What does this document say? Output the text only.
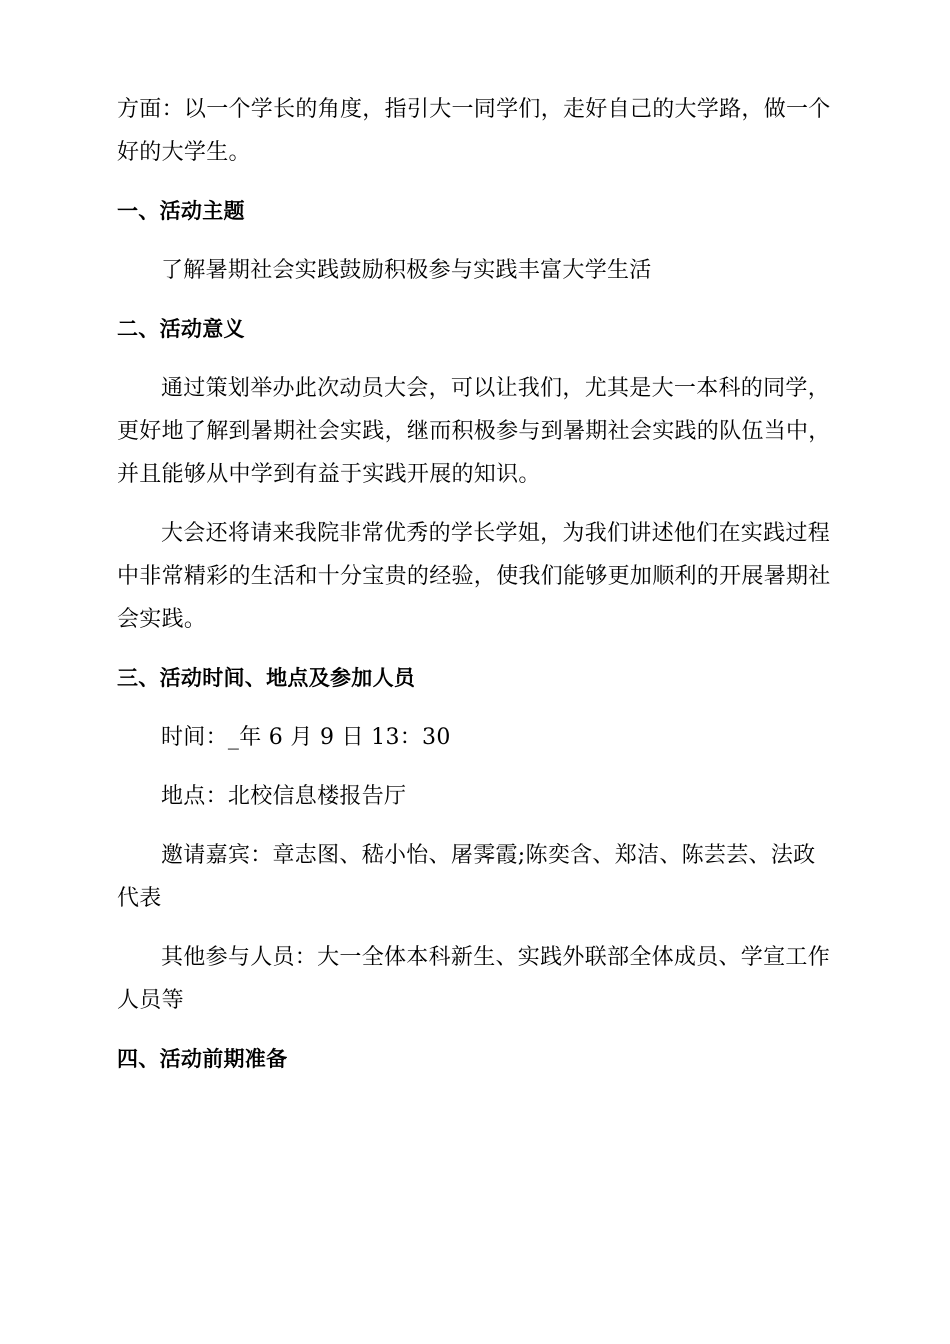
方面：以一个学长的角度，指引大一同学们，走好自己的大学路，做一个好的大学生。

一、活动主题

了解暑期社会实践鼓励积极参与实践丰富大学生活

二、活动意义

通过策划举办此次动员大会，可以让我们，尤其是大一本科的同学，更好地了解到暑期社会实践，继而积极参与到暑期社会实践的队伍当中，并且能够从中学到有益于实践开展的知识。

大会还将请来我院非常优秀的学长学姐，为我们讲述他们在实践过程中非常精彩的生活和十分宝贵的经验，使我们能够更加顺利的开展暑期社会实践。

三、活动时间、地点及参加人员

时间：_年 6 月 9 日 13：30

地点：北校信息楼报告厅

邀请嘉宾：章志图、嵇小怡、屠霁霞;陈奕含、郑洁、陈芸芸、法政代表

其他参与人员：大一全体本科新生、实践外联部全体成员、学宣工作人员等

四、活动前期准备
